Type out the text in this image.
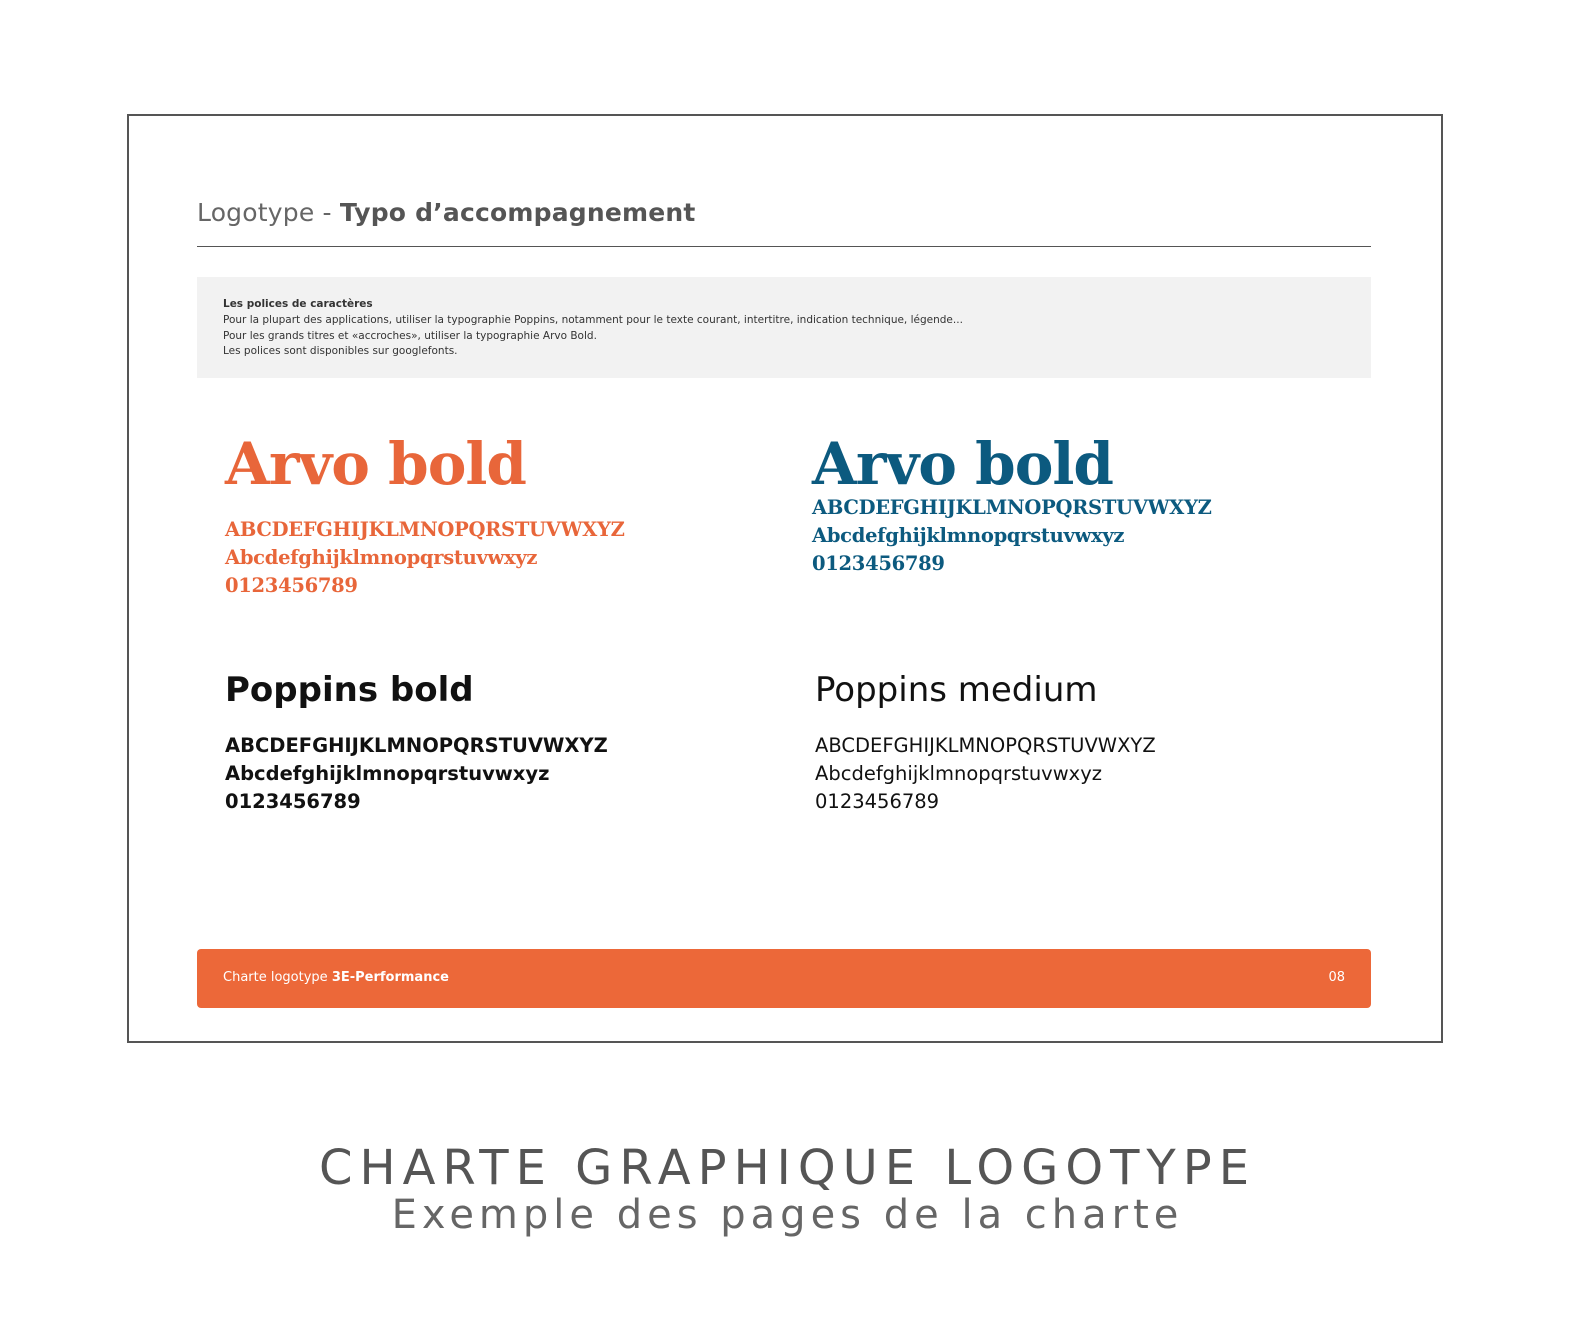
Logotype - Typo d’accompagnement
Les polices de caractères
Pour la plupart des applications, utiliser la typographie Poppins, notamment pour le texte courant, intertitre, indication technique, légende...
Pour les grands titres et «accroches», utiliser la typographie Arvo Bold.
Les polices sont disponibles sur googlefonts.
Arvo bold
ABCDEFGHIJKLMNOPQRSTUVWXYZ
Abcdefghijklmnopqrstuvwxyz
0123456789
Arvo bold
ABCDEFGHIJKLMNOPQRSTUVWXYZ
Abcdefghijklmnopqrstuvwxyz
0123456789
Poppins bold
ABCDEFGHIJKLMNOPQRSTUVWXYZ
Abcdefghijklmnopqrstuvwxyz
0123456789
Poppins medium
ABCDEFGHIJKLMNOPQRSTUVWXYZ
Abcdefghijklmnopqrstuvwxyz
0123456789
Charte logotype 3E-Performance	08
CHARTE GRAPHIQUE LOGOTYPE
Exemple des pages de la charte
